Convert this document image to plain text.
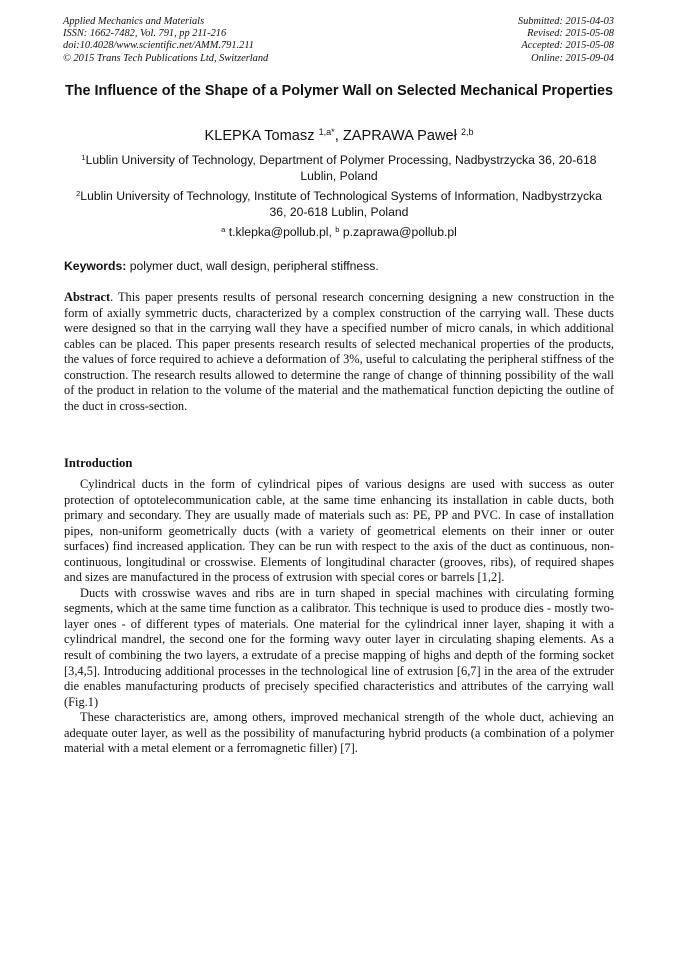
Applied Mechanics and Materials
ISSN: 1662-7482, Vol. 791, pp 211-216
doi:10.4028/www.scientific.net/AMM.791.211
© 2015 Trans Tech Publications Ltd, Switzerland
Submitted: 2015-04-03
Revised: 2015-05-08
Accepted: 2015-05-08
Online: 2015-09-04
The Influence of the Shape of a Polymer Wall on Selected Mechanical Properties
KLEPKA Tomasz $^{1,a*}$, ZAPRAWA Paweł $^{2,b}$
$^1$Lublin University of Technology, Department of Polymer Processing, Nadbystrzycka 36, 20-618 Lublin, Poland
$^2$Lublin University of Technology, Institute of Technological Systems of Information, Nadbystrzycka 36, 20-618 Lublin, Poland
$^a$ t.klepka@pollub.pl, $^b$ p.zaprawa@pollub.pl
Keywords: polymer duct, wall design, peripheral stiffness.
Abstract. This paper presents results of personal research concerning designing a new construction in the form of axially symmetric ducts, characterized by a complex construction of the carrying wall. These ducts were designed so that in the carrying wall they have a specified number of micro canals, in which additional cables can be placed. This paper presents research results of selected mechanical properties of the products, the values of force required to achieve a deformation of 3%, useful to calculating the peripheral stiffness of the construction. The research results allowed to determine the range of change of thinning possibility of the wall of the product in relation to the volume of the material and the mathematical function depicting the outline of the duct in cross-section.
Introduction

Cylindrical ducts in the form of cylindrical pipes of various designs are used with success as outer protection of optotelecommunication cable, at the same time enhancing its installation in cable ducts, both primary and secondary. They are usually made of materials such as: PE, PP and PVC. In case of installation pipes, non-uniform geometrically ducts (with a variety of geometrical elements on their inner or outer surfaces) find increased application. They can be run with respect to the axis of the duct as continuous, non-continuous, longitudinal or crosswise. Elements of longitudinal character (grooves, ribs), of required shapes and sizes are manufactured in the process of extrusion with special cores or barrels [1,2].

Ducts with crosswise waves and ribs are in turn shaped in special machines with circulating forming segments, which at the same time function as a calibrator. This technique is used to produce dies - mostly two-layer ones - of different types of materials. One material for the cylindrical inner layer, shaping it with a cylindrical mandrel, the second one for the forming wavy outer layer in circulating shaping elements. As a result of combining the two layers, a extrudate of a precise mapping of highs and depth of the forming socket [3,4,5]. Introducing additional processes in the technological line of extrusion [6,7] in the area of the extruder die enables manufacturing products of precisely specified characteristics and attributes of the carrying wall (Fig.1)

These characteristics are, among others, improved mechanical strength of the whole duct, achieving an adequate outer layer, as well as the possibility of manufacturing hybrid products (a combination of a polymer material with a metal element or a ferromagnetic filler) [7].
